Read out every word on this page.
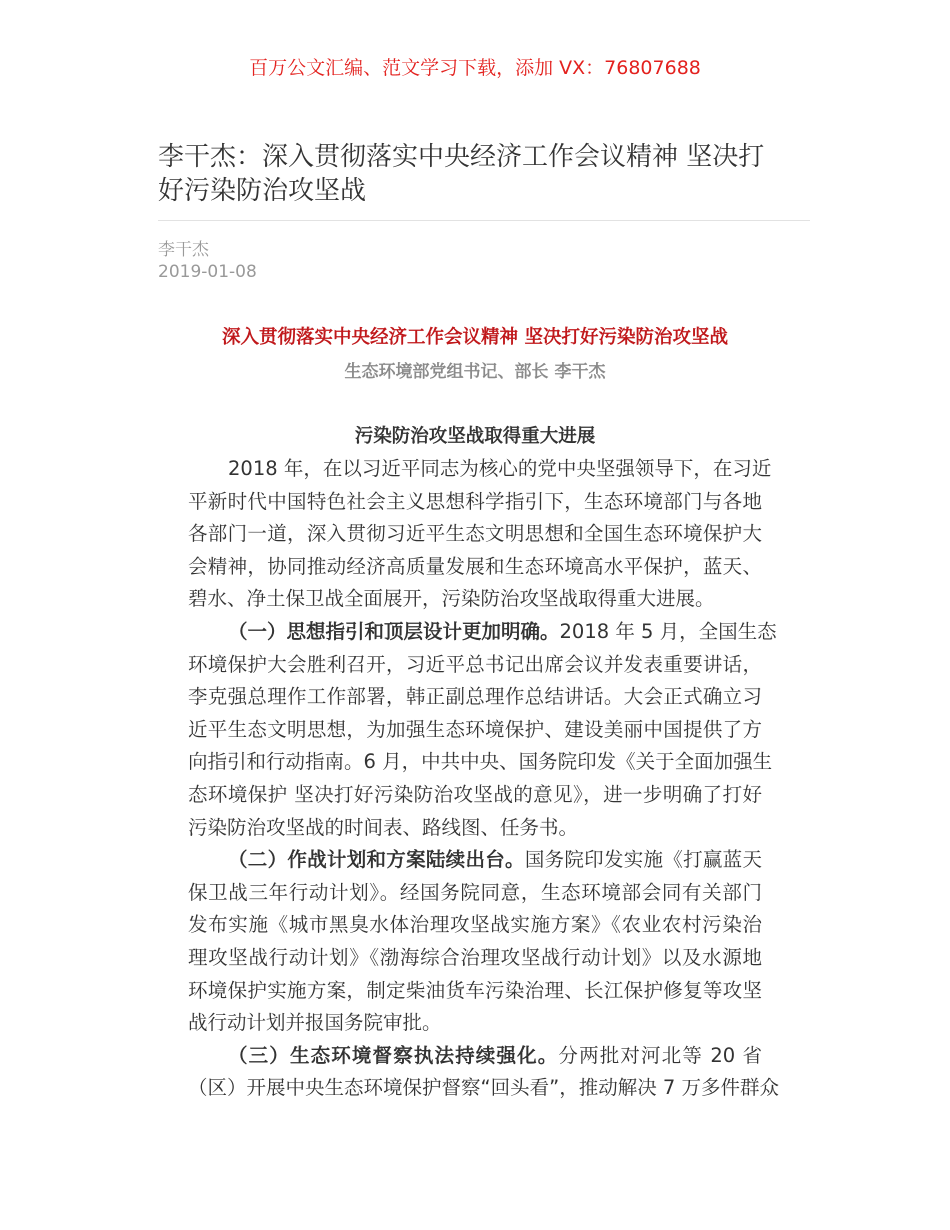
百万公文汇编、范文学习下载，添加 VX：76807688
李干杰：深入贯彻落实中央经济工作会议精神 坚决打
好污染防治攻坚战
李干杰
2019-01-08
深入贯彻落实中央经济工作会议精神 坚决打好污染防治攻坚战
生态环境部党组书记、部长 李干杰
污染防治攻坚战取得重大进展
2018 年，在以习近平同志为核心的党中央坚强领导下，在习近
平新时代中国特色社会主义思想科学指引下，生态环境部门与各地
各部门一道，深入贯彻习近平生态文明思想和全国生态环境保护大
会精神，协同推动经济高质量发展和生态环境高水平保护，蓝天、
碧水、净土保卫战全面展开，污染防治攻坚战取得重大进展。
（一）思想指引和顶层设计更加明确。2018 年 5 月，全国生态
环境保护大会胜利召开，习近平总书记出席会议并发表重要讲话，
李克强总理作工作部署，韩正副总理作总结讲话。大会正式确立习
近平生态文明思想，为加强生态环境保护、建设美丽中国提供了方
向指引和行动指南。6 月，中共中央、国务院印发《关于全面加强生
态环境保护 坚决打好污染防治攻坚战的意见》，进一步明确了打好
污染防治攻坚战的时间表、路线图、任务书。
（二）作战计划和方案陆续出台。国务院印发实施《打赢蓝天
保卫战三年行动计划》。经国务院同意，生态环境部会同有关部门
发布实施《城市黑臭水体治理攻坚战实施方案》《农业农村污染治
理攻坚战行动计划》《渤海综合治理攻坚战行动计划》以及水源地
环境保护实施方案，制定柴油货车污染治理、长江保护修复等攻坚
战行动计划并报国务院审批。
（三）生态环境督察执法持续强化。分两批对河北等 20 省
（区）开展中央生态环境保护督察“回头看”，推动解决 7 万多件群众
